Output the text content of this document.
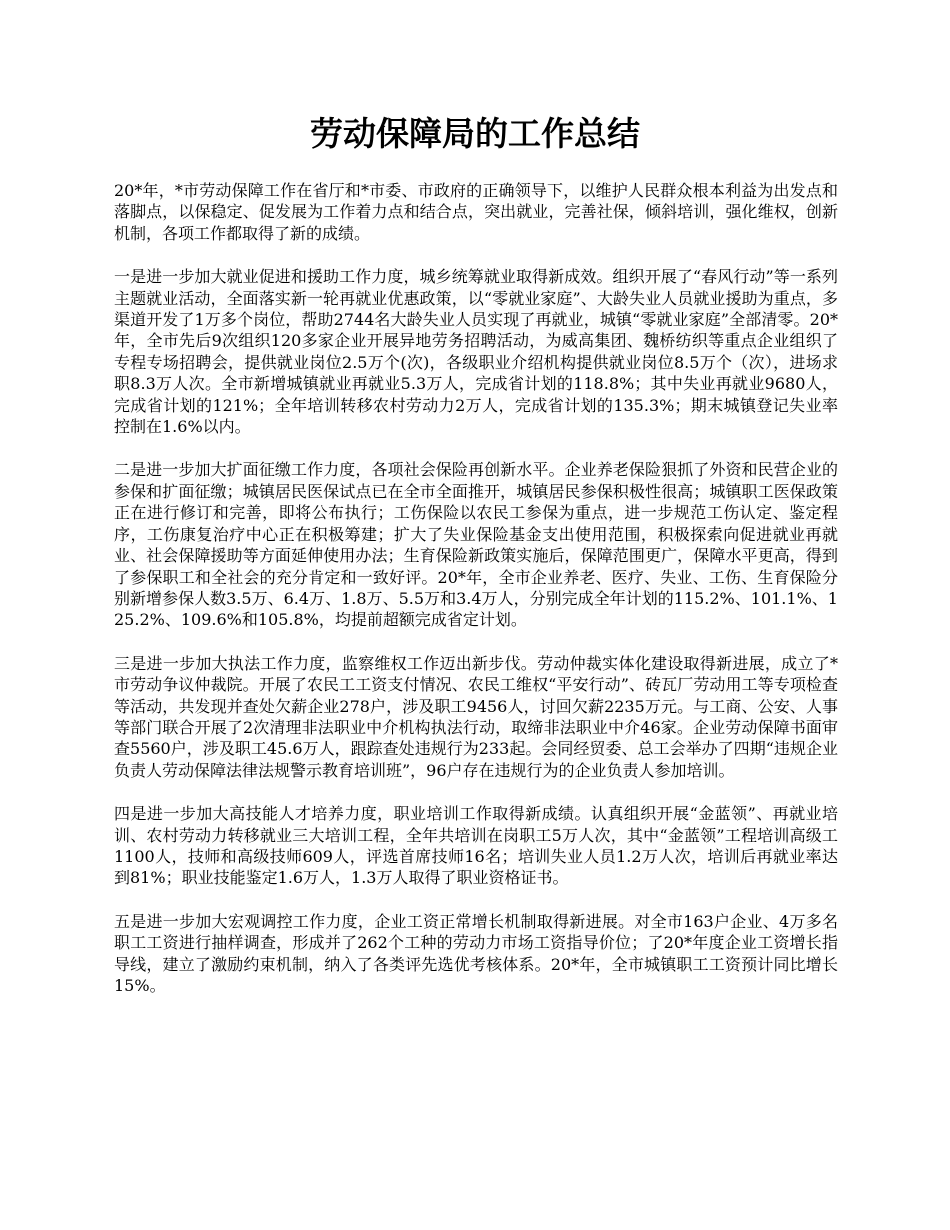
劳动保障局的工作总结

20*年，*市劳动保障工作在省厅和*市委、市政府的正确领导下，以维护人民群众根本利益为出发点和落脚点，以保稳定、促发展为工作着力点和结合点，突出就业，完善社保，倾斜培训，强化维权，创新机制，各项工作都取得了新的成绩。

一是进一步加大就业促进和援助工作力度，城乡统筹就业取得新成效。组织开展了“春风行动”等一系列主题就业活动，全面落实新一轮再就业优惠政策，以“零就业家庭”、大龄失业人员就业援助为重点，多渠道开发了1万多个岗位，帮助2744名大龄失业人员实现了再就业，城镇“零就业家庭”全部清零。20*年，全市先后9次组织120多家企业开展异地劳务招聘活动，为威高集团、魏桥纺织等重点企业组织了专程专场招聘会，提供就业岗位2.5万个(次)，各级职业介绍机构提供就业岗位8.5万个（次），进场求职8.3万人次。全市新增城镇就业再就业5.3万人，完成省计划的118.8%；其中失业再就业9680人，完成省计划的121%；全年培训转移农村劳动力2万人，完成省计划的135.3%；期末城镇登记失业率控制在1.6%以内。

二是进一步加大扩面征缴工作力度，各项社会保险再创新水平。企业养老保险狠抓了外资和民营企业的参保和扩面征缴；城镇居民医保试点已在全市全面推开，城镇居民参保积极性很高；城镇职工医保政策正在进行修订和完善，即将公布执行；工伤保险以农民工参保为重点，进一步规范工伤认定、鉴定程序，工伤康复治疗中心正在积极筹建；扩大了失业保险基金支出使用范围，积极探索向促进就业再就业、社会保障援助等方面延伸使用办法；生育保险新政策实施后，保障范围更广，保障水平更高，得到了参保职工和全社会的充分肯定和一致好评。20*年，全市企业养老、医疗、失业、工伤、生育保险分别新增参保人数3.5万、6.4万、1.8万、5.5万和3.4万人，分别完成全年计划的115.2%、101.1%、125.2%、109.6%和105.8%，均提前超额完成省定计划。

三是进一步加大执法工作力度，监察维权工作迈出新步伐。劳动仲裁实体化建设取得新进展，成立了*市劳动争议仲裁院。开展了农民工工资支付情况、农民工维权“平安行动”、砖瓦厂劳动用工等专项检查等活动，共发现并查处欠薪企业278户，涉及职工9456人，讨回欠薪2235万元。与工商、公安、人事等部门联合开展了2次清理非法职业中介机构执法行动，取缔非法职业中介46家。企业劳动保障书面审查5560户，涉及职工45.6万人，跟踪查处违规行为233起。会同经贸委、总工会举办了四期“违规企业负责人劳动保障法律法规警示教育培训班”，96户存在违规行为的企业负责人参加培训。

四是进一步加大高技能人才培养力度，职业培训工作取得新成绩。认真组织开展“金蓝领”、再就业培训、农村劳动力转移就业三大培训工程，全年共培训在岗职工5万人次，其中“金蓝领”工程培训高级工1100人，技师和高级技师609人，评选首席技师16名；培训失业人员1.2万人次，培训后再就业率达到81%；职业技能鉴定1.6万人，1.3万人取得了职业资格证书。

五是进一步加大宏观调控工作力度，企业工资正常增长机制取得新进展。对全市163户企业、4万多名职工工资进行抽样调查，形成并了262个工种的劳动力市场工资指导价位；了20*年度企业工资增长指导线，建立了激励约束机制，纳入了各类评先选优考核体系。20*年，全市城镇职工工资预计同比增长15%。
